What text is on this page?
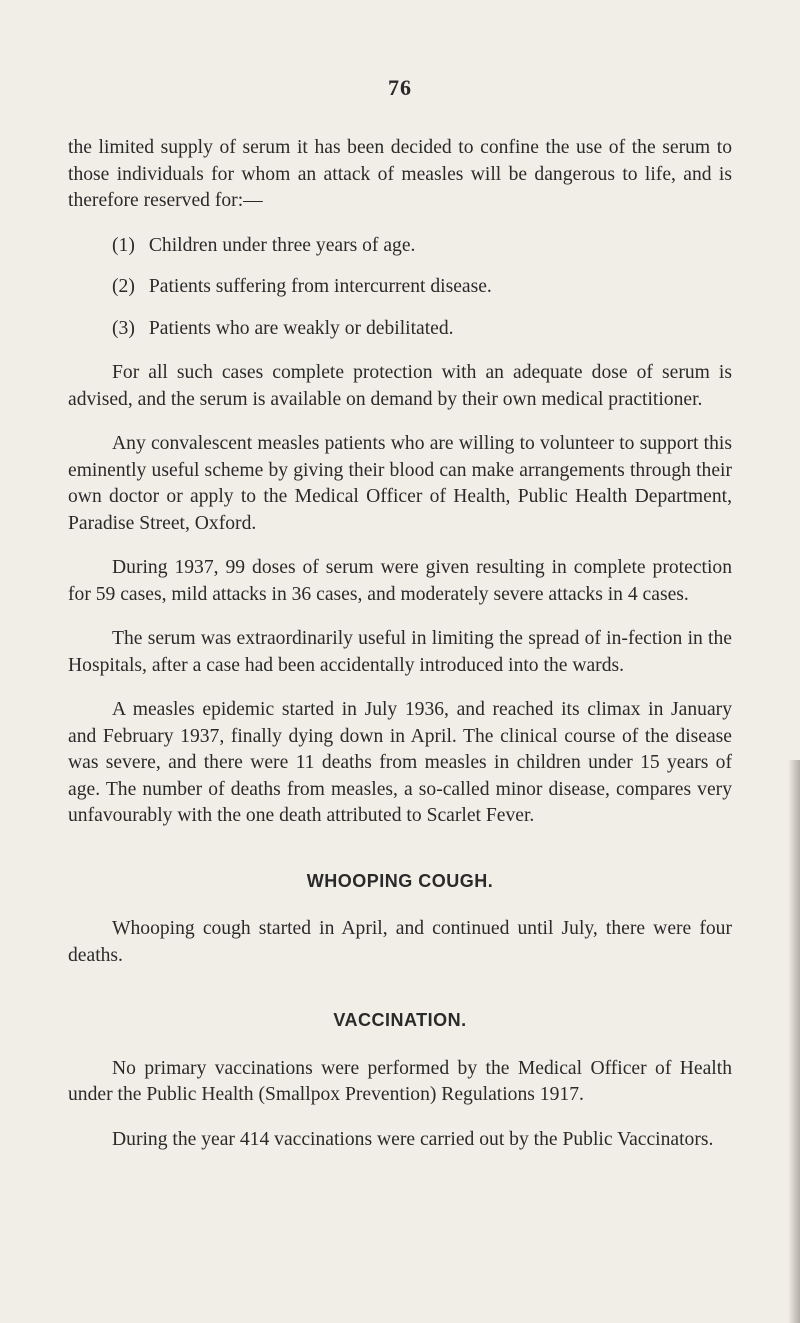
76

the limited supply of serum it has been decided to confine the use of the serum to those individuals for whom an attack of measles will be dangerous to life, and is therefore reserved for:—

(1) Children under three years of age.
(2) Patients suffering from intercurrent disease.
(3) Patients who are weakly or debilitated.

For all such cases complete protection with an adequate dose of serum is advised, and the serum is available on demand by their own medical practitioner.

Any convalescent measles patients who are willing to volunteer to support this eminently useful scheme by giving their blood can make arrangements through their own doctor or apply to the Medical Officer of Health, Public Health Department, Paradise Street, Oxford.

During 1937, 99 doses of serum were given resulting in complete protection for 59 cases, mild attacks in 36 cases, and moderately severe attacks in 4 cases.

The serum was extraordinarily useful in limiting the spread of in-fection in the Hospitals, after a case had been accidentally introduced into the wards.

A measles epidemic started in July 1936, and reached its climax in January and February 1937, finally dying down in April. The clinical course of the disease was severe, and there were 11 deaths from measles in children under 15 years of age. The number of deaths from measles, a so-called minor disease, compares very unfavourably with the one death attributed to Scarlet Fever.

WHOOPING COUGH.

Whooping cough started in April, and continued until July, there were four deaths.

VACCINATION.

No primary vaccinations were performed by the Medical Officer of Health under the Public Health (Smallpox Prevention) Regulations 1917.

During the year 414 vaccinations were carried out by the Public Vaccinators.
